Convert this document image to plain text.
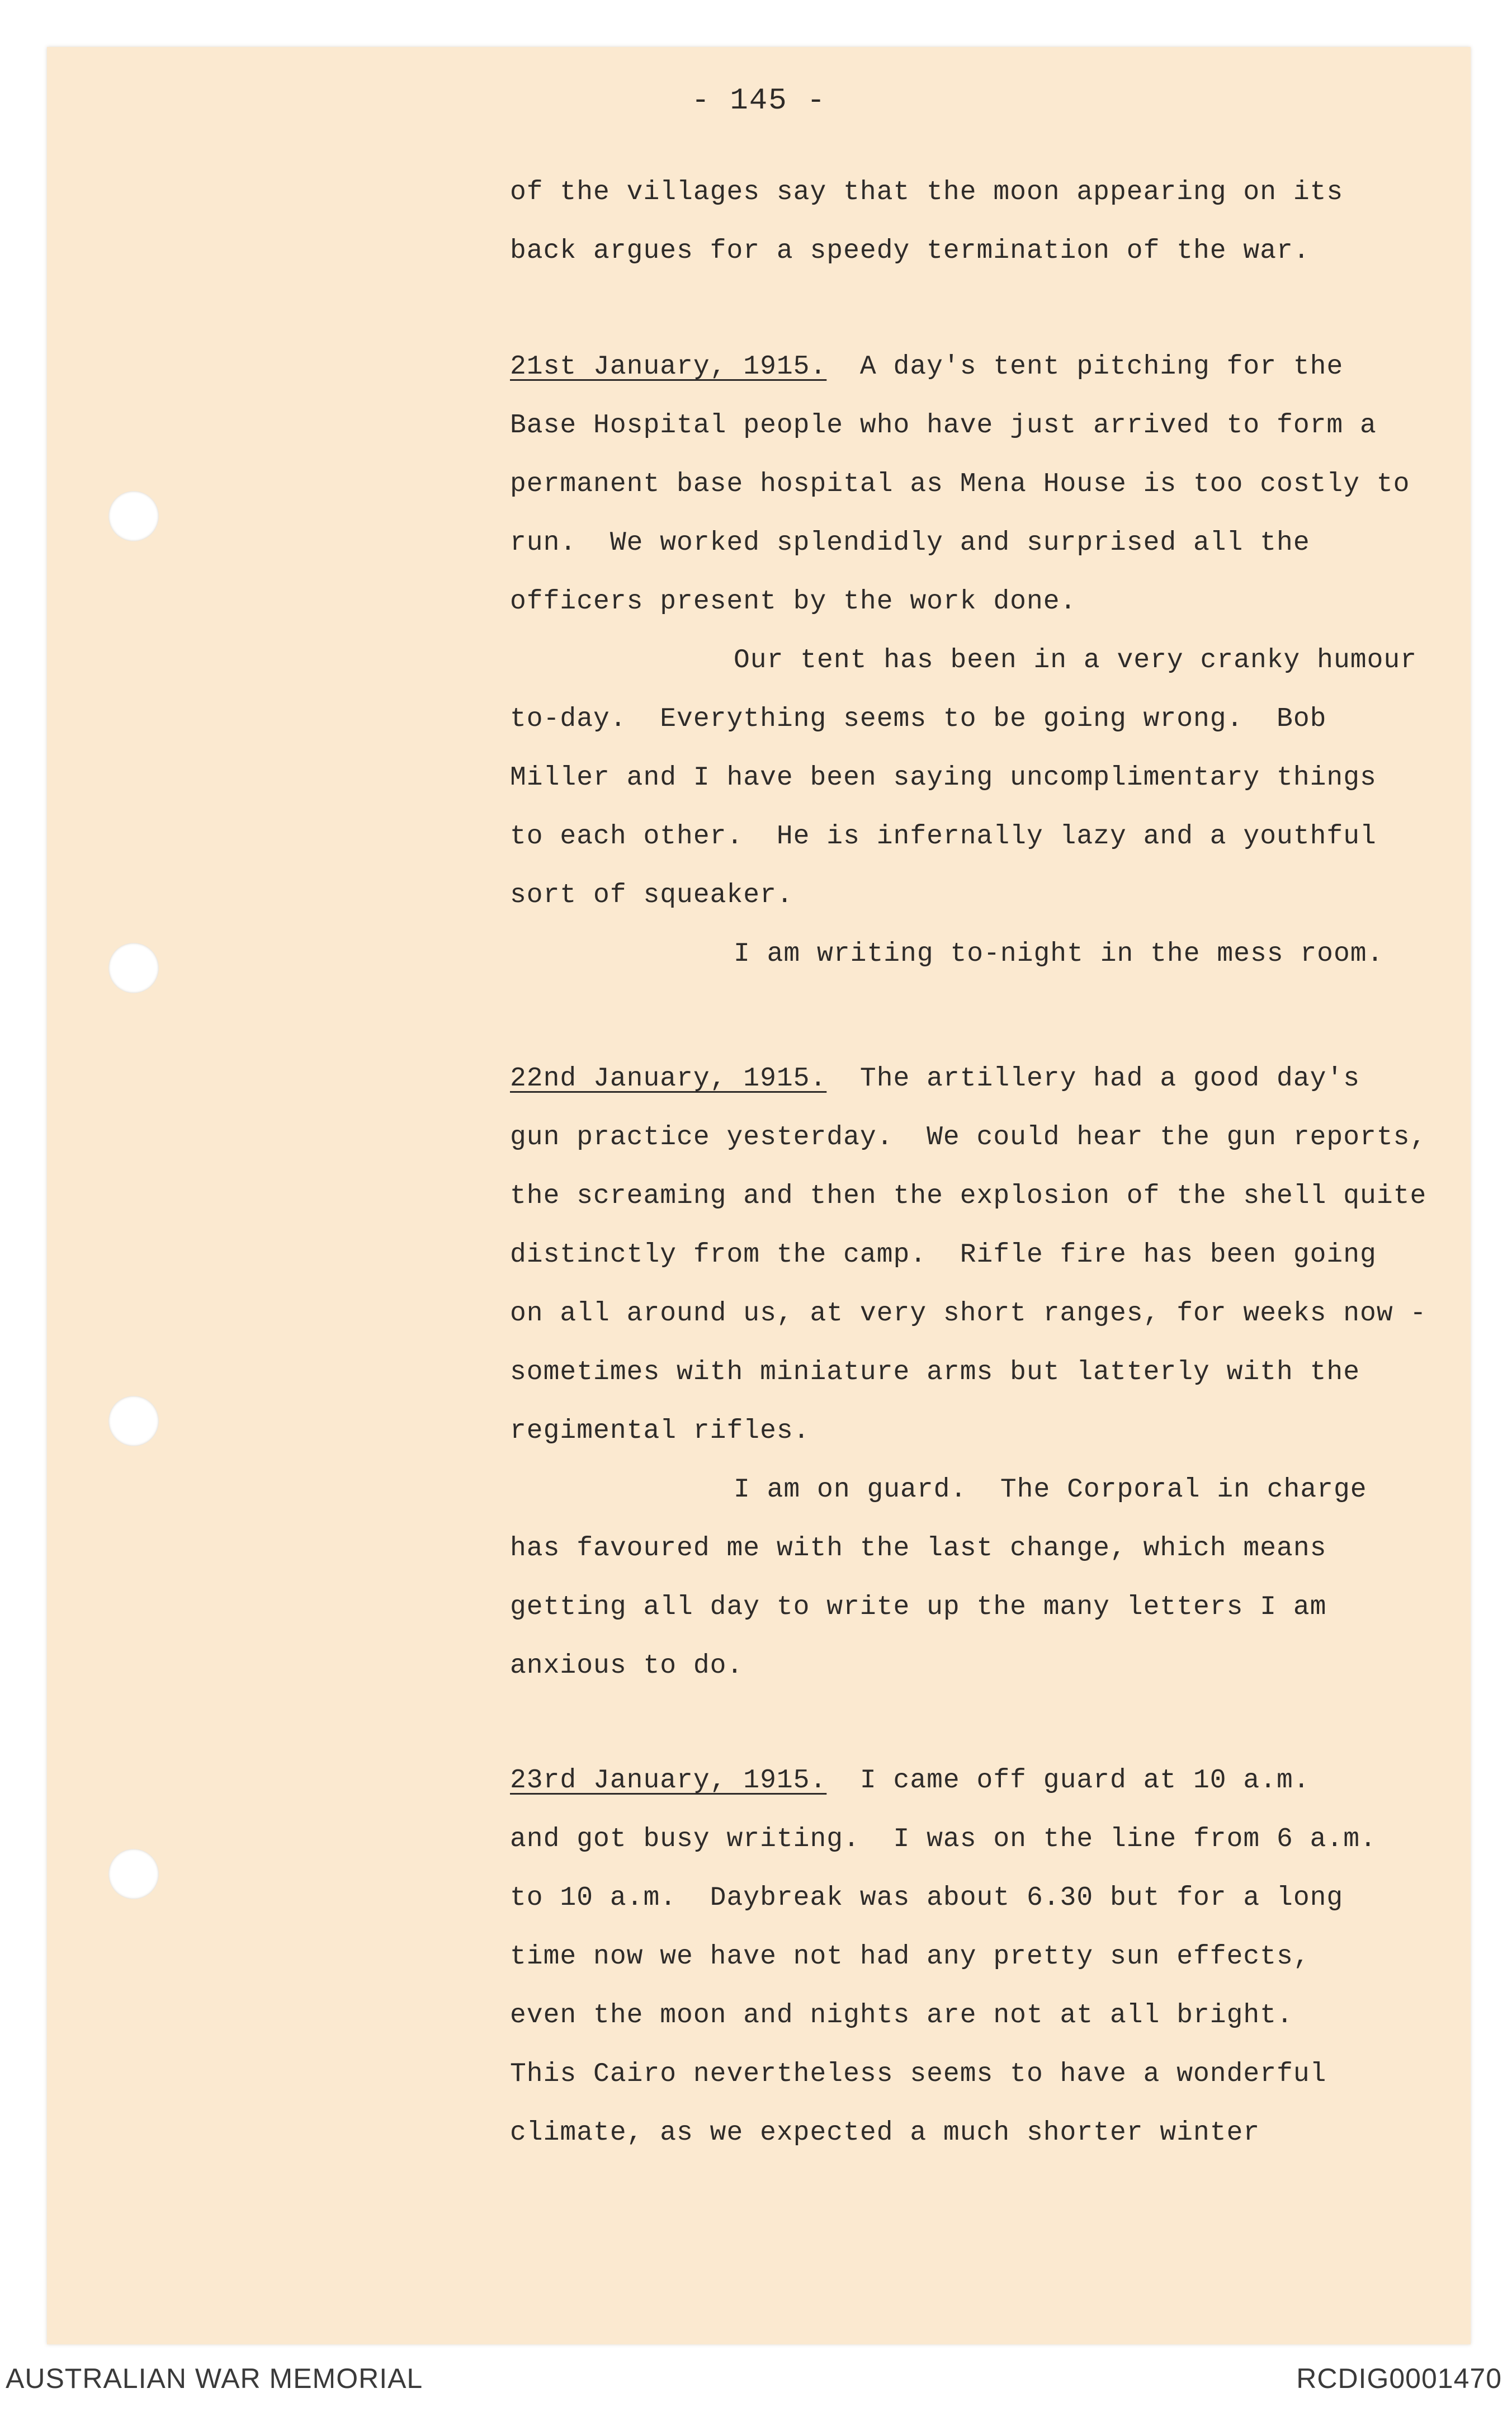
- 145 -
of the villages say that the moon appearing on its
back argues for a speedy termination of the war.
21st January, 1915.  A day's tent pitching for the
Base Hospital people who have just arrived to form a
permanent base hospital as Mena House is too costly to
run.  We worked splendidly and surprised all the
officers present by the work done.
Our tent has been in a very cranky humour
to-day.  Everything seems to be going wrong.  Bob
Miller and I have been saying uncomplimentary things
to each other.  He is infernally lazy and a youthful
sort of squeaker.
I am writing to-night in the mess room.
22nd January, 1915.  The artillery had a good day's
gun practice yesterday.  We could hear the gun reports,
the screaming and then the explosion of the shell quite
distinctly from the camp.  Rifle fire has been going
on all around us, at very short ranges, for weeks now -
sometimes with miniature arms but latterly with the
regimental rifles.
I am on guard.  The Corporal in charge
has favoured me with the last change, which means
getting all day to write up the many letters I am
anxious to do.
23rd January, 1915.  I came off guard at 10 a.m.
and got busy writing.  I was on the line from 6 a.m.
to 10 a.m.  Daybreak was about 6.30 but for a long
time now we have not had any pretty sun effects,
even the moon and nights are not at all bright.
This Cairo nevertheless seems to have a wonderful
climate, as we expected a much shorter winter
AUSTRALIAN WAR MEMORIAL	RCDIG0001470
